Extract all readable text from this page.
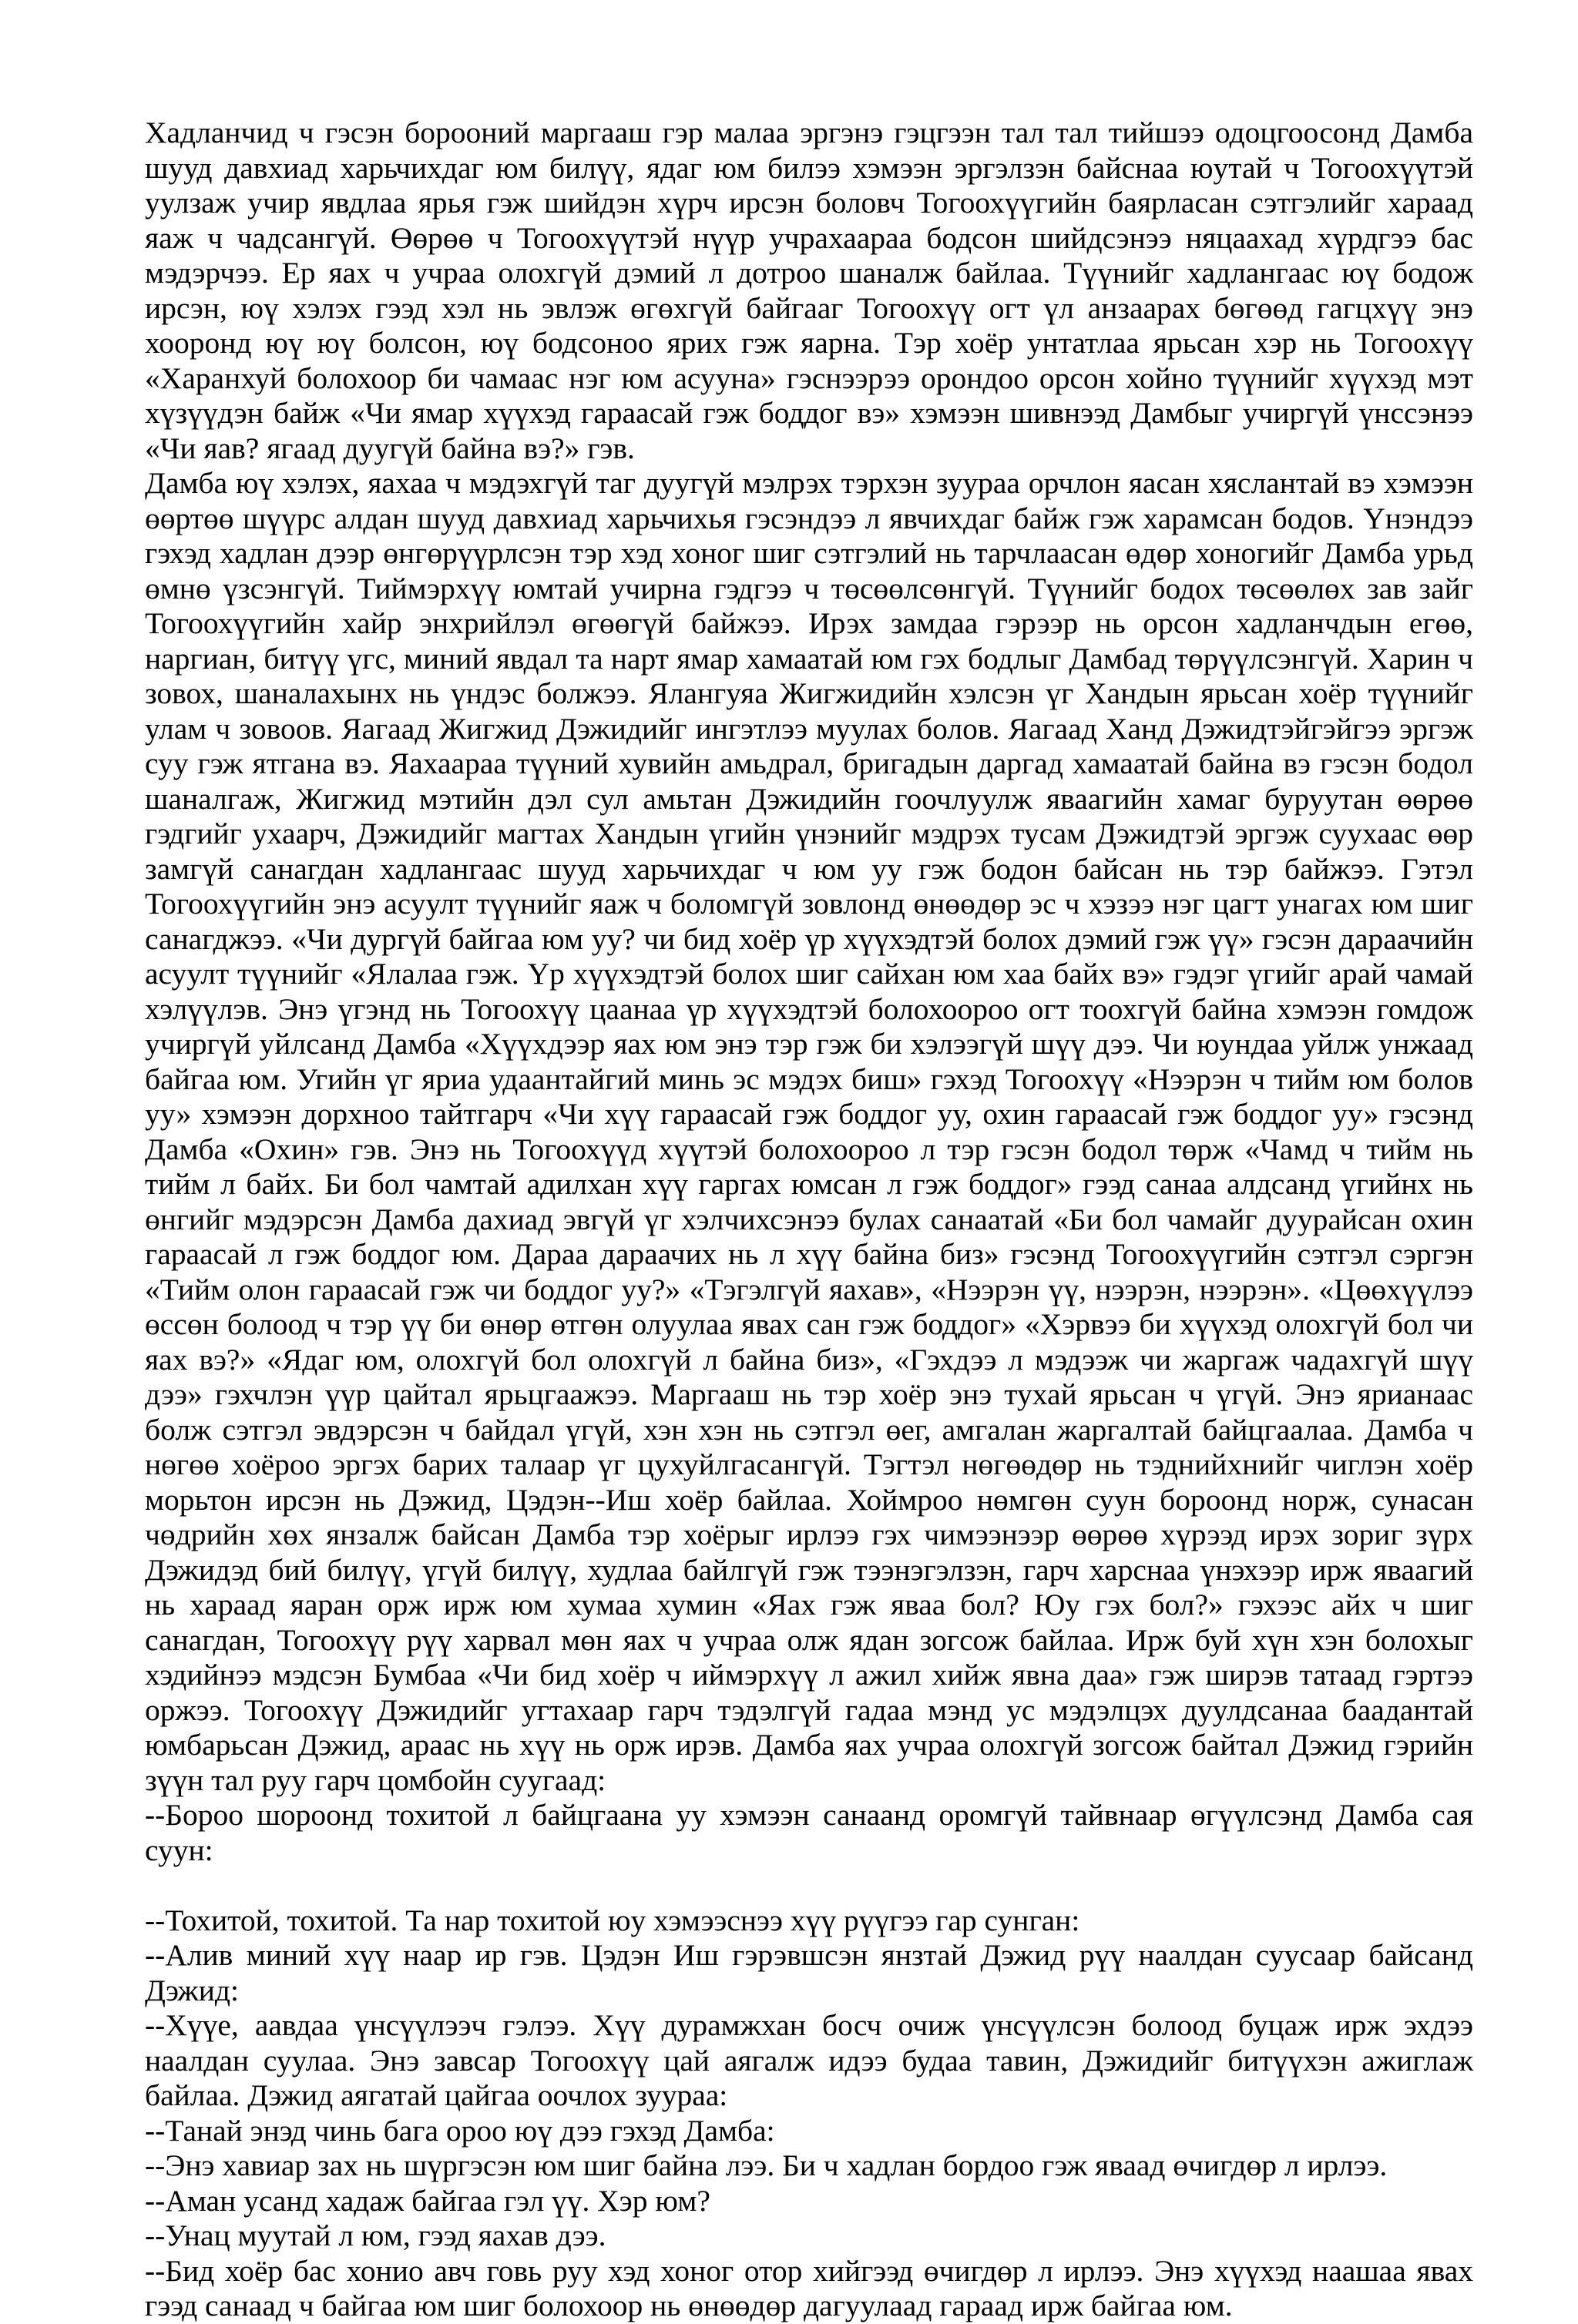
Хадланчид ч гэсэн борооний маргааш гэр малаа эргэнэ гэцгээн тал тал тийшээ одоцгоосонд Дамба шууд давхиад харьчихдаг юм билүү, ядаг юм билээ хэмээн эргэлзэн байснаа юутай ч Тогоохүүтэй уулзаж учир явдлаа ярья гэж шийдэн хүрч ирсэн боловч Тогоохүүгийн баярласан сэтгэлийг хараад яаж ч чадсангүй. Өөрөө ч Тогоохүүтэй нүүр учрахаараа бодсон шийдсэнээ няцаахад хүрдгээ бас мэдэрчээ. Ер яах ч учраа олохгүй дэмий л дотроо шаналж байлаа. Түүнийг хадлангаас юү бодож ирсэн, юү хэлэх гээд хэл нь эвлэж өгөхгүй байгааг Тогоохүү огт үл анзаарах бөгөөд гагцхүү энэ хооронд юү юү болсон, юү бодсоноо ярих гэж яарна. Тэр хоёр унтатлаа ярьсан хэр нь Тогоохүү «Харанхуй болохоор би чамаас нэг юм асууна» гэснээрээ орондоо орсон хойно түүнийг хүүхэд мэт хүзүүдэн байж «Чи ямар хүүхэд гараасай гэж боддог вэ» хэмээн шивнээд Дамбыг учиргүй үнссэнээ «Чи яав? ягаад дуугүй байна вэ?» гэв.

Дамба юү хэлэх, яахаа ч мэдэхгүй таг дуугүй мэлрэх тэрхэн зуураа орчлон яасан хяслантай вэ хэмээн өөртөө шүүрс алдан шууд давхиад харьчихья гэсэндээ л явчихдаг байж гэж харамсан бодов. Үнэндээ гэхэд хадлан дээр өнгөрүүрлсэн тэр хэд хоног шиг сэтгэлий нь тарчлаасан өдөр хоногийг Дамба урьд өмнө үзсэнгүй. Тиймэрхүү юмтай учирна гэдгээ ч төсөөлсөнгүй. Түүнийг бодох төсөөлөх зав зайг Тогоохүүгийн хайр энхрийлэл өгөөгүй байжээ. Ирэх замдаа гэрээр нь орсон хадланчдын егөө, наргиан, битүү үгс, миний явдал та нарт ямар хамаатай юм гэх бодлыг Дамбад төрүүлсэнгүй. Харин ч зовох, шаналахынх нь үндэс болжээ. Ялангуяа Жигжидийн хэлсэн үг Хандын ярьсан хоёр түүнийг улам ч зовоов. Яагаад Жигжид Дэжидийг ингэтлээ муулах болов. Яагаад Ханд Дэжидтэйгэйгээ эргэж суу гэж ятгана вэ. Яахаараа түүний хувийн амьдрал, бригадын даргад хамаатай байна вэ гэсэн бодол шаналгаж, Жигжид мэтийн дэл сул амьтан Дэжидийн гоочлуулж яваагийн хамаг буруутан өөрөө гэдгийг ухаарч, Дэжидийг магтах Хандын үгийн үнэнийг мэдрэх тусам Дэжидтэй эргэж суухаас өөр замгүй санагдан хадлангаас шууд харьчихдаг ч юм уу гэж бодон байсан нь тэр байжээ. Гэтэл Тогоохүүгийн энэ асуулт түүнийг яаж ч боломгүй зовлонд өнөөдөр эс ч хэзээ нэг цагт унагах юм шиг санагджээ. «Чи дургүй байгаа юм уу? чи бид хоёр үр хүүхэдтэй болох дэмий гэж үү» гэсэн дараачийн асуулт түүнийг «Ялалаа гэж. Үр хүүхэдтэй болох шиг сайхан юм хаа байх вэ» гэдэг үгийг арай чамай хэлүүлэв. Энэ үгэнд нь Тогоохүү цаанаа үр хүүхэдтэй болохоороо огт тоохгүй байна хэмээн гомдож учиргүй уйлсанд Дамба «Хүүхдээр яах юм энэ тэр гэж би хэлээгүй шүү дээ. Чи юундаа уйлж унжаад байгаа юм. Угийн үг яриа удаантайгий минь эс мэдэх биш» гэхэд Тогоохүү «Нээрэн ч тийм юм болов уу» хэмээн дорхноо тайтгарч «Чи хүү гараасай гэж боддог уу, охин гараасай гэж боддог уу» гэсэнд Дамба «Охин» гэв. Энэ нь Тогоохүүд хүүтэй болохоороо л тэр гэсэн бодол төрж «Чамд ч тийм нь тийм л байх. Би бол чамтай адилхан хүү гаргах юмсан л гэж боддог» гээд санаа алдсанд үгийнх нь өнгийг мэдэрсэн Дамба дахиад эвгүй үг хэлчихсэнээ булах санаатай «Би бол чамайг дуурайсан охин гараасай л гэж боддог юм. Дараа дараачих нь л хүү байна биз» гэсэнд Тогоохүүгийн сэтгэл сэргэн «Тийм олон гараасай гэж чи боддог уу?» «Тэгэлгүй яахав», «Нээрэн үү, нээрэн, нээрэн». «Цөөхүүлээ өссөн болоод ч тэр үү би өнөр өтгөн олуулаа явах сан гэж боддог» «Хэрвээ би хүүхэд олохгүй бол чи яах вэ?» «Ядаг юм, олохгүй бол олохгүй л байна биз», «Гэхдээ л мэдээж чи жаргаж чадахгүй шүү дээ» гэхчлэн үүр цайтал ярьцгаажээ. Маргааш нь тэр хоёр энэ тухай ярьсан ч үгүй. Энэ ярианаас болж сэтгэл эвдэрсэн ч байдал үгүй, хэн хэн нь сэтгэл өег, амгалан жаргалтай байцгаалаа. Дамба ч нөгөө хоёроо эргэх барих талаар үг цухуйлгасангүй. Тэгтэл нөгөөдөр нь тэднийхнийг чиглэн хоёр морьтон ирсэн нь Дэжид, Цэдэн--Иш хоёр байлаа. Хоймроо нөмгөн суун бороонд норж, сунасан чөдрийн хөх янзалж байсан Дамба тэр хоёрыг ирлээ гэх чимээнээр өөрөө хүрээд ирэх зориг зүрх Дэжидэд бий билүү, үгүй билүү, худлаа байлгүй гэж тээнэгэлзэн, гарч харснаа үнэхээр ирж яваагий нь хараад яаран орж ирж юм хумаа хумин «Яах гэж яваа бол? Юу гэх бол?» гэхээс айх ч шиг санагдан, Тогоохүү рүү харвал мөн яах ч учраа олж ядан зогсож байлаа. Ирж буй хүн хэн болохыг хэдийнээ мэдсэн Бумбаа «Чи бид хоёр ч иймэрхүү л ажил хийж явна даа» гэж ширэв татаад гэртээ оржээ. Тогоохүү Дэжидийг угтахаар гарч тэдэлгүй гадаа мэнд ус мэдэлцэх дуулдсанаа баадантай юмбарьсан Дэжид, араас нь хүү нь орж ирэв. Дамба яах учраа олохгүй зогсож байтал Дэжид гэрийн зүүн тал руу гарч цомбойн суугаад:

--Бороо шороонд тохитой л байцгаана уу хэмээн санаанд оромгүй тайвнаар өгүүлсэнд Дамба сая суун:

--Тохитой, тохитой. Та нар тохитой юу хэмээснээ хүү рүүгээ гар сунган:

--Алив миний хүү наар ир гэв. Цэдэн Иш гэрэвшсэн янзтай Дэжид рүү наалдан суусаар байсанд Дэжид:

--Хүүе, аавдаа үнсүүлээч гэлээ. Хүү дурамжхан босч очиж үнсүүлсэн болоод буцаж ирж эхдээ наалдан суулаа. Энэ завсар Тогоохүү цай аягалж идээ будаа тавин, Дэжидийг битүүхэн ажиглаж байлаа. Дэжид аягатай цайгаа оочлох зуураа:

--Танай энэд чинь бага ороо юү дээ гэхэд Дамба:

--Энэ хавиар зах нь шүргэсэн юм шиг байна лээ. Би ч хадлан бордоо гэж яваад өчигдөр л ирлээ.

--Аман усанд хадаж байгаа гэл үү. Хэр юм?

--Унац муутай л юм, гээд яахав дээ.

--Бид хоёр бас хонио авч говь руу хэд хоног отор хийгээд өчигдөр л ирлээ. Энэ хүүхэд наашаа явах гээд санаад ч байгаа юм шиг болохоор нь өнөөдөр дагуулаад гараад ирж байгаа юм.
